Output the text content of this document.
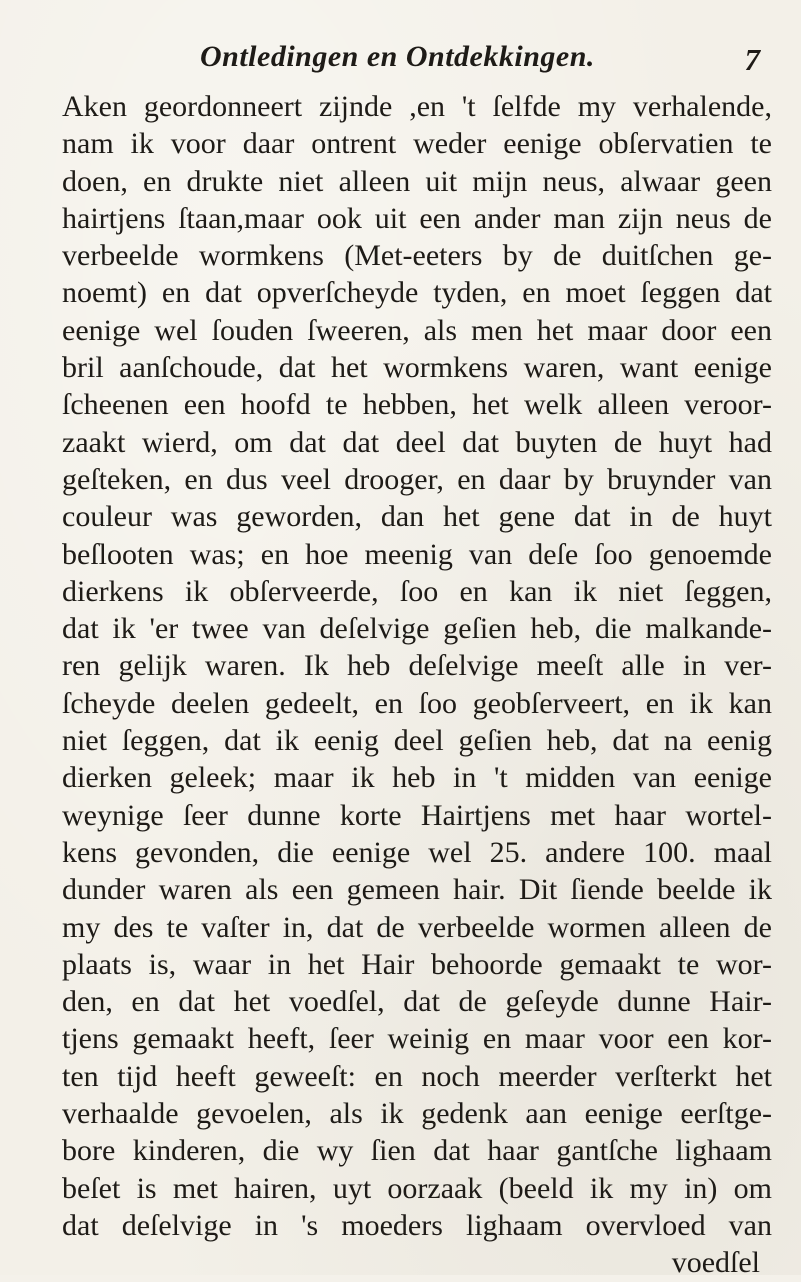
Ontledingen en Ontdekkingen.	7
Aken geordonneert zijnde ,en 't ſelfde my verhalende,
nam ik voor daar ontrent weder eenige obſervatien te
doen, en drukte niet alleen uit mijn neus, alwaar geen
hairtjens ſtaan,maar ook uit een ander man zijn neus de
verbeelde wormkens (Met-eeters by de duitſchen ge-
noemt) en dat opverſcheyde tyden, en moet ſeggen dat
eenige wel ſouden ſweeren, als men het maar door een
bril aanſchoude, dat het wormkens waren, want eenige
ſcheenen een hoofd te hebben, het welk alleen veroor-
zaakt wierd, om dat dat deel dat buyten de huyt had
geſteken, en dus veel drooger, en daar by bruynder van
couleur was geworden, dan het gene dat in de huyt
beſlooten was; en hoe meenig van deſe ſoo genoemde
dierkens ik obſerveerde, ſoo en kan ik niet ſeggen,
dat ik 'er twee van deſelvige geſien heb, die malkande-
ren gelijk waren. Ik heb deſelvige meeſt alle in ver-
ſcheyde deelen gedeelt, en ſoo geobſerveert, en ik kan
niet ſeggen, dat ik eenig deel geſien heb, dat na eenig
dierken geleek; maar ik heb in 't midden van eenige
weynige ſeer dunne korte Hairtjens met haar wortel-
kens gevonden, die eenige wel 25. andere 100. maal
dunder waren als een gemeen hair. Dit ſiende beelde ik
my des te vaſter in, dat de verbeelde wormen alleen de
plaats is, waar in het Hair behoorde gemaakt te wor-
den, en dat het voedſel, dat de geſeyde dunne Hair-
tjens gemaakt heeft, ſeer weinig en maar voor een kor-
ten tijd heeft geweeſt: en noch meerder verſterkt het
verhaalde gevoelen, als ik gedenk aan eenige eerſtge-
bore kinderen, die wy ſien dat haar gantſche lighaam
beſet is met hairen, uyt oorzaak (beeld ik my in) om
dat deſelvige in 's moeders lighaam overvloed van
voedſel
